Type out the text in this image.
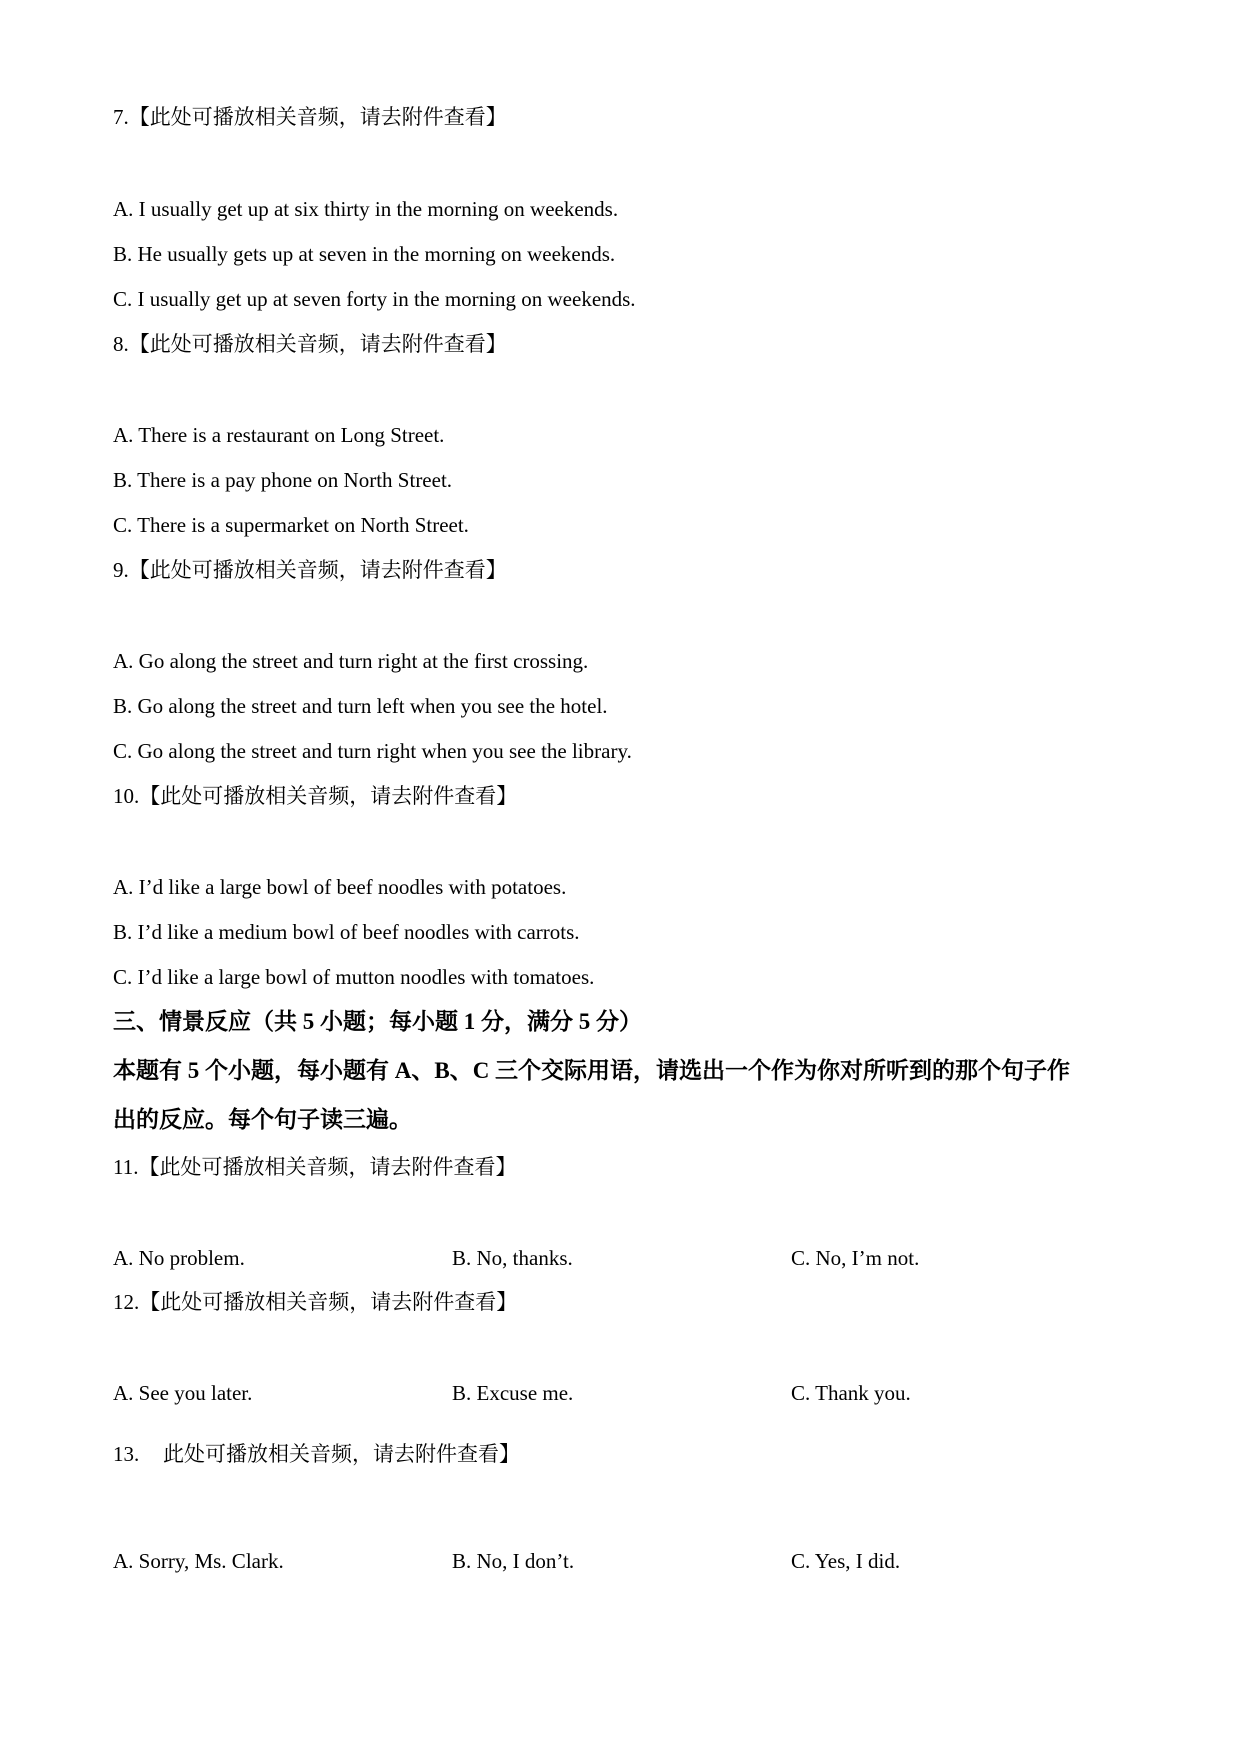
7.【此处可播放相关音频，请去附件查看】
A. I usually get up at six thirty in the morning on weekends.
B. He usually gets up at seven in the morning on weekends.
C. I usually get up at seven forty in the morning on weekends.
8.【此处可播放相关音频，请去附件查看】
A. There is a restaurant on Long Street.
B. There is a pay phone on North Street.
C. There is a supermarket on North Street.
9.【此处可播放相关音频，请去附件查看】
A. Go along the street and turn right at the first crossing.
B. Go along the street and turn left when you see the hotel.
C. Go along the street and turn right when you see the library.
10.【此处可播放相关音频，请去附件查看】
A. I’d like a large bowl of beef noodles with potatoes.
B. I’d like a medium bowl of beef noodles with carrots.
C. I’d like a large bowl of mutton noodles with tomatoes.
三、情景反应（共 5 小题；每小题 1 分，满分 5 分）
本题有 5 个小题，每小题有 A、B、C 三个交际用语，请选出一个作为你对所听到的那个句子作
出的反应。每个句子读三遍。
11.【此处可播放相关音频，请去附件查看】
A. No problem.	B. No, thanks.	C. No, I’m not.
12.【此处可播放相关音频，请去附件查看】
A. See you later.	B. Excuse me.	C. Thank you.
13. 此处可播放相关音频，请去附件查看】
A. Sorry, Ms. Clark.	B. No, I don’t.	C. Yes, I did.
